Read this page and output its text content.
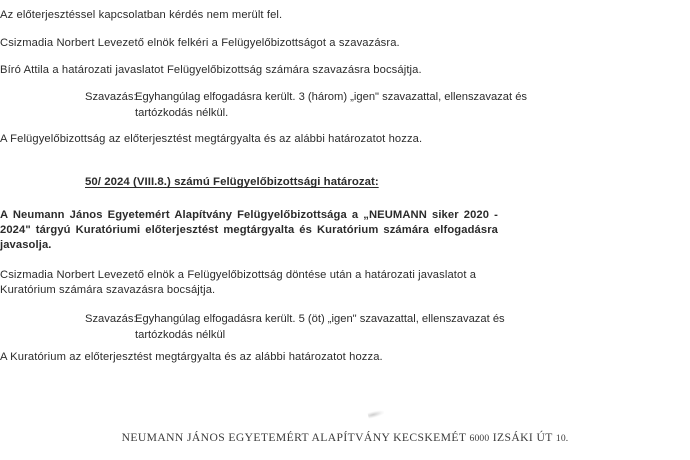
Az előterjesztéssel kapcsolatban kérdés nem merült fel.

Csizmadia Norbert Levezető elnök felkéri a Felügyelőbizottságot a szavazásra.

Bíró Attila a határozati javaslatot Felügyelőbizottság számára szavazásra bocsájtja.

Szavazás:
Egyhangúlag elfogadásra került. 3 (három) „igen" szavazattal, ellenszavazat és
tartózkodás nélkül.

A Felügyelőbizottság az előterjesztést megtárgyalta és az alábbi határozatot hozza.

50/ 2024 (VIII.8.) számú Felügyelőbizottsági határozat:

A Neumann János Egyetemért Alapítvány Felügyelőbizottsága a „NEUMANN siker 2020 - 2024" tárgyú Kuratóriumi előterjesztést megtárgyalta és Kuratórium számára elfogadásra javasolja.

Csizmadia Norbert Levezető elnök a Felügyelőbizottság döntése után a határozati javaslatot a Kuratórium számára szavazásra bocsájtja.

Szavazás:
Egyhangúlag elfogadásra került. 5 (öt) „igen" szavazattal, ellenszavazat és
tartózkodás nélkül

A Kuratórium az előterjesztést megtárgyalta és az alábbi határozatot hozza.

NEUMANN JÁNOS EGYETEMÉRT ALAPÍTVÁNY KECSKEMÉT 6000 IZSÁKI ÚT 10.
